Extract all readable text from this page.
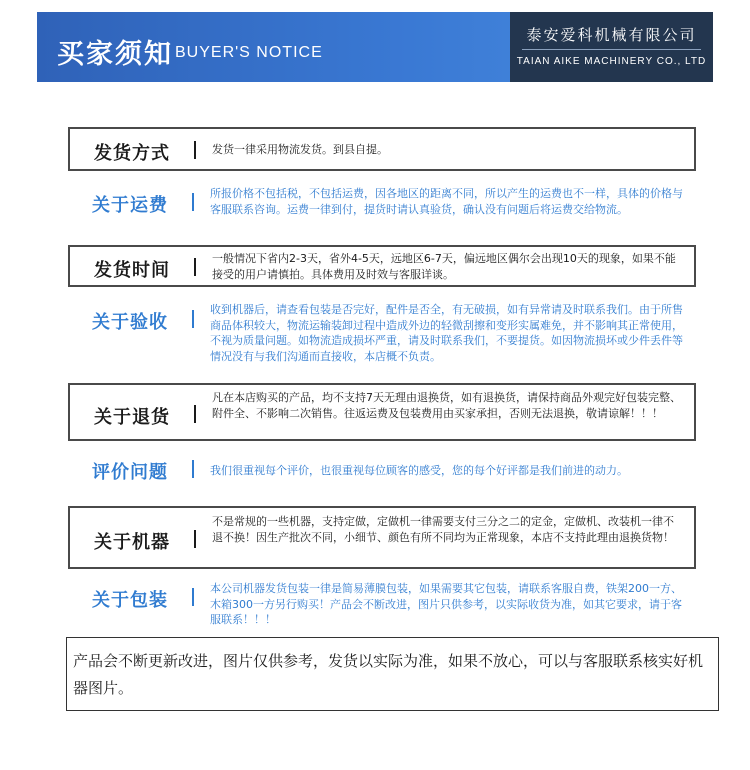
买家须知 BUYER'S NOTICE
泰安爱科机械有限公司
TAIAN AIKE MACHINERY CO., LTD
发货方式	发货一律采用物流发货。到县自提。
关于运费
所报价格不包括税，不包括运费，因各地区的距离不同，所以产生的运费也不一样，具体的价格与客服联系咨询。运费一律到付，提货时请认真验货，确认没有问题后将运费交给物流。
发货时间
一般情况下省内2-3天，省外4-5天，远地区6-7天，偏远地区偶尔会出现10天的现象，如果不能接受的用户请慎拍。具体费用及时效与客服详谈。
关于验收
收到机器后，请查看包装是否完好，配件是否全，有无破损，如有异常请及时联系我们。由于所售商品体积较大，物流运输装卸过程中造成外边的轻微刮擦和变形实属难免，并不影响其正常使用，不视为质量问题。如物流造成损坏严重，请及时联系我们，不要提货。如因物流损坏或少件丢件等情况没有与我们沟通而直接收，本店概不负责。
关于退货
凡在本店购买的产品，均不支持7天无理由退换货，如有退换货，请保持商品外观完好包装完整、附件全、不影响二次销售。往返运费及包装费用由买家承担，否则无法退换，敬请谅解！！！
评价问题	我们很重视每个评价，也很重视每位顾客的感受，您的每个好评都是我们前进的动力。
关于机器
不是常规的一些机器，支持定做，定做机一律需要支付三分之二的定金，定做机、改装机一律不退不换！因生产批次不同，小细节、颜色有所不同均为正常现象，本店不支持此理由退换货物！
关于包装
本公司机器发货包装一律是简易薄膜包装，如果需要其它包装，请联系客服自费，铁架200一方、木箱300一方另行购买！产品会不断改进，图片只供参考，以实际收货为准，如其它要求，请于客服联系！！！
产品会不断更新改进，图片仅供参考，发货以实际为准，如果不放心，可以与客服联系核实好机器图片。
